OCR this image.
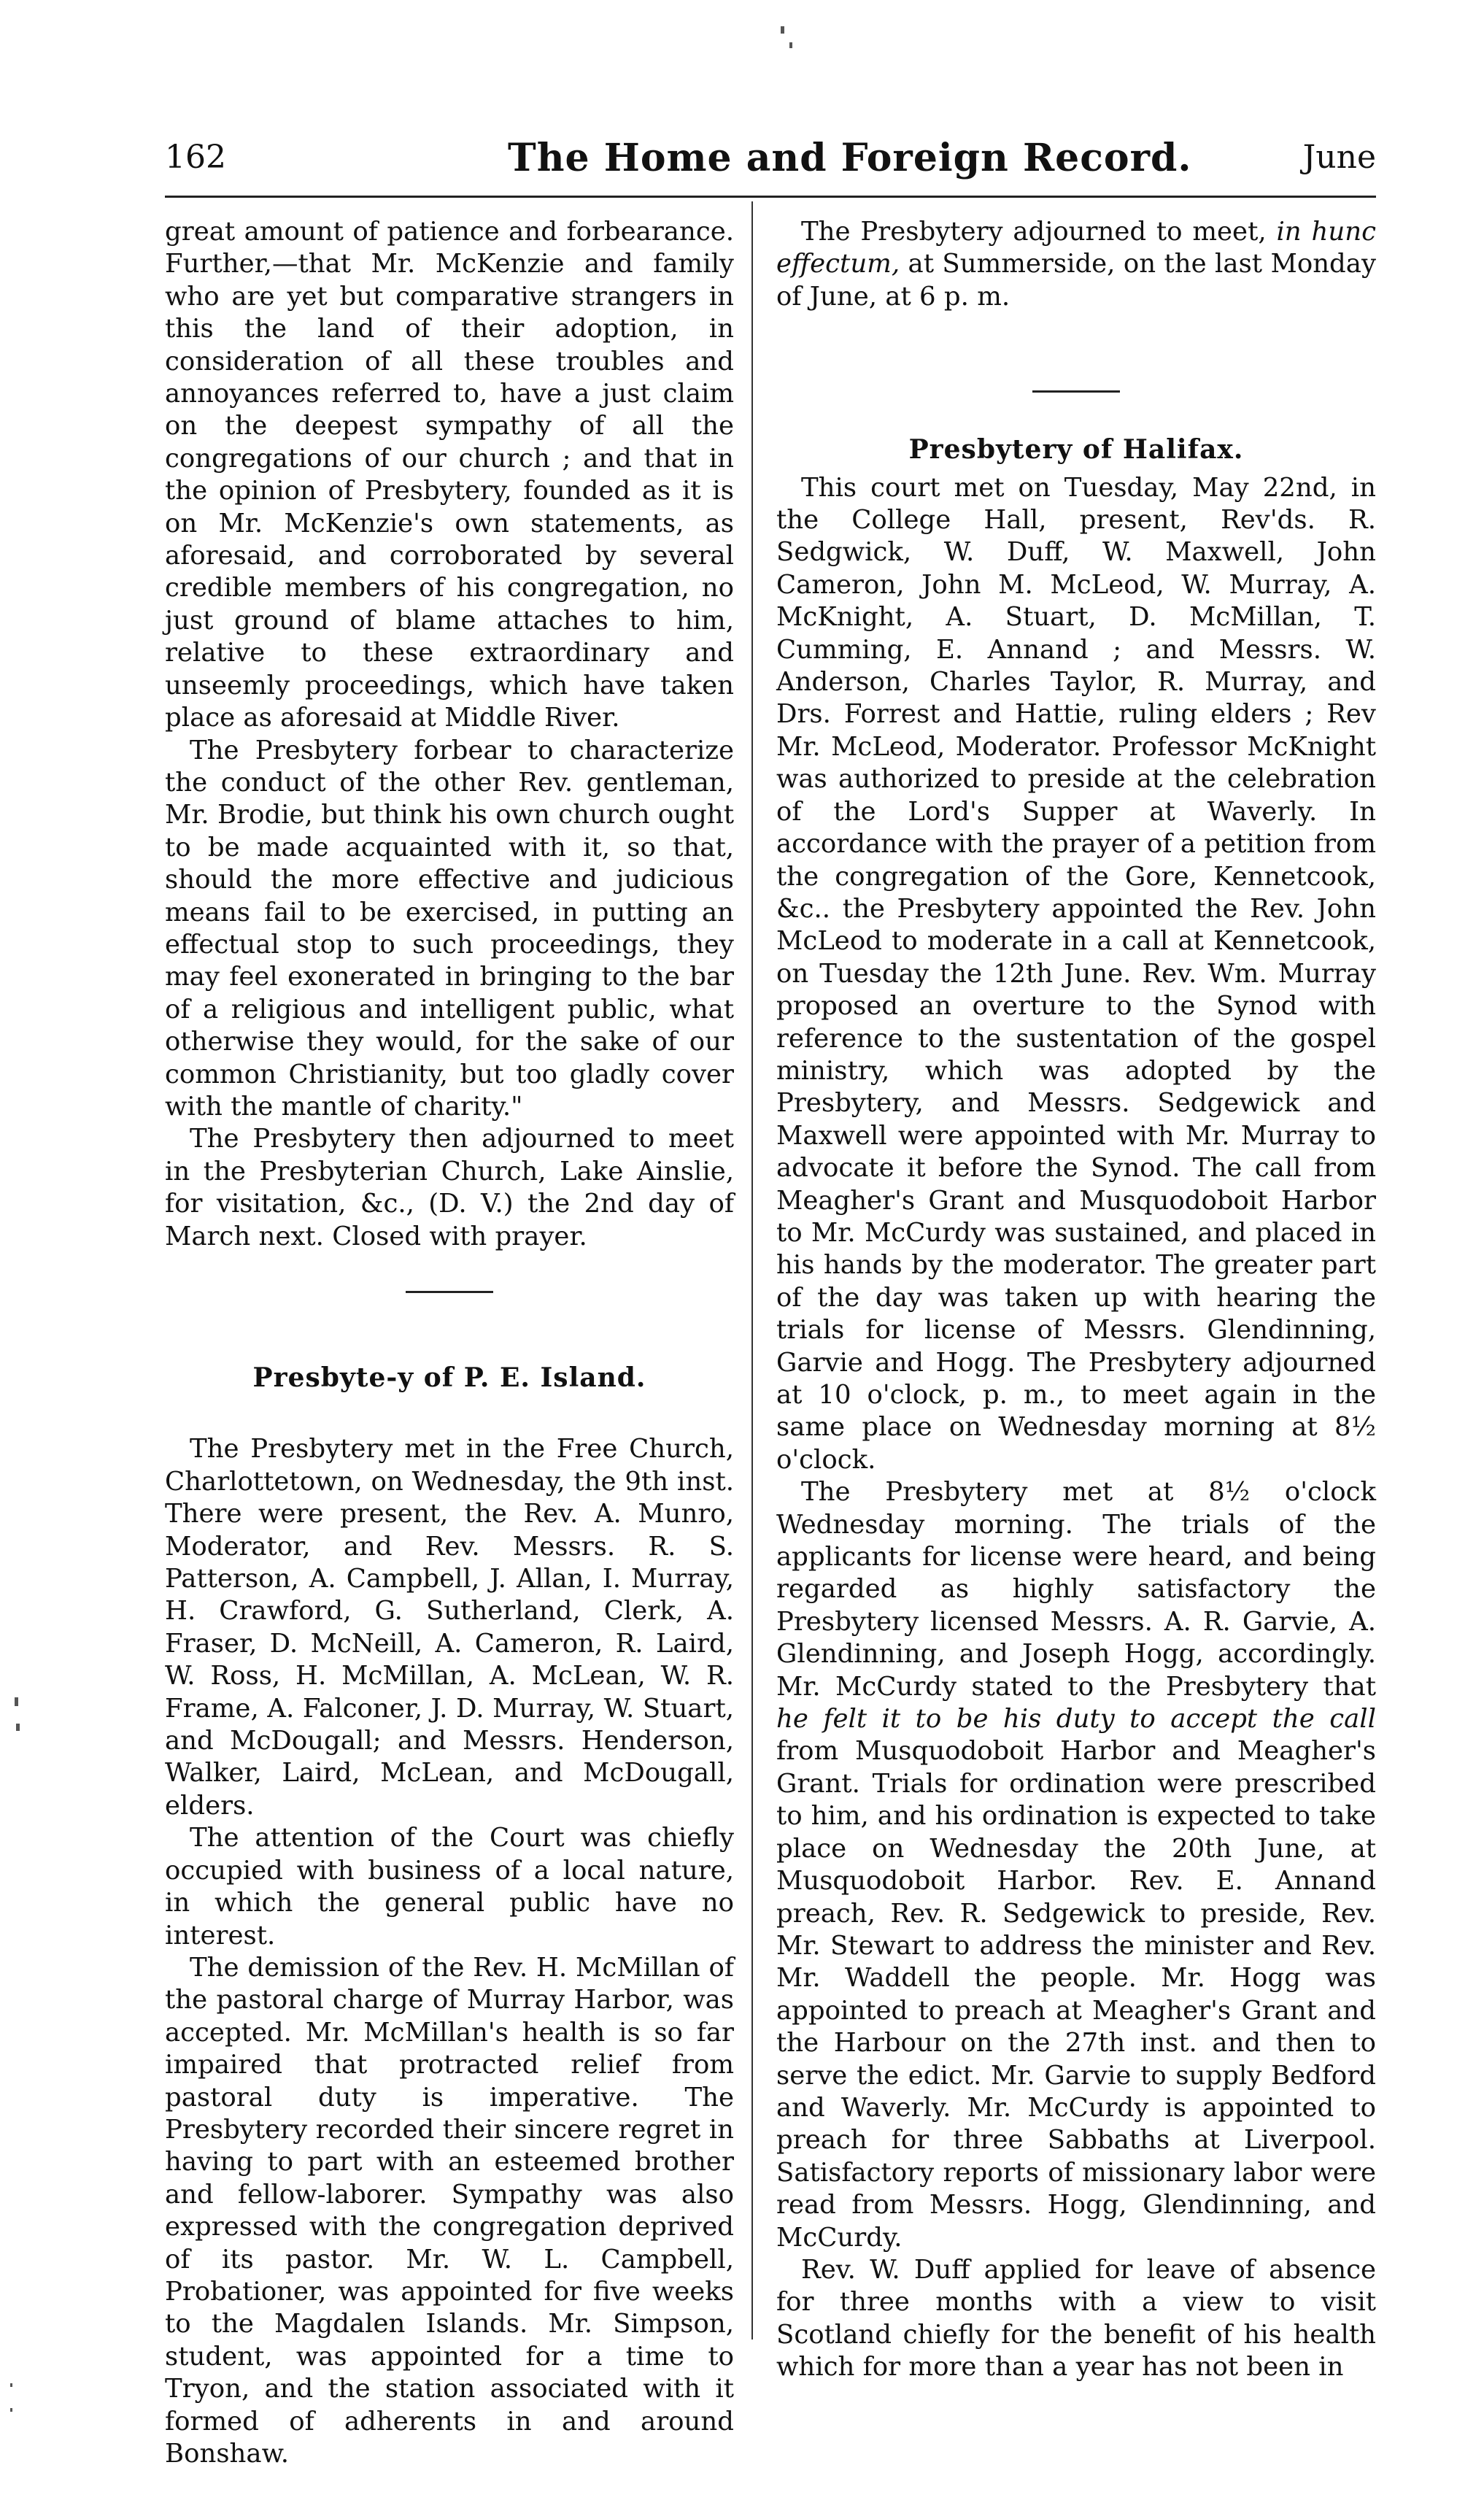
162	The Home and Foreign Record.	June

great amount of patience and forbearance. Further,—that Mr. McKenzie and family who are yet but comparative strangers in this the land of their adoption, in consideration of all these troubles and annoyances referred to, have a just claim on the deepest sympathy of all the congregations of our church ; and that in the opinion of Presbytery, founded as it is on Mr. McKenzie's own statements, as aforesaid, and corroborated by several credible members of his congregation, no just ground of blame attaches to him, relative to these extraordinary and unseemly proceedings, which have taken place as aforesaid at Middle River.

The Presbytery forbear to characterize the conduct of the other Rev. gentleman, Mr. Brodie, but think his own church ought to be made acquainted with it, so that, should the more effective and judicious means fail to be exercised, in putting an effectual stop to such proceedings, they may feel exonerated in bringing to the bar of a religious and intelligent public, what otherwise they would, for the sake of our common Christianity, but too gladly cover with the mantle of charity."

The Presbytery then adjourned to meet in the Presbyterian Church, Lake Ainslie, for visitation, &c., (D. V.) the 2nd day of March next. Closed with prayer.

Presbyte-y of P. E. Island.

The Presbytery met in the Free Church, Charlottetown, on Wednesday, the 9th inst. There were present, the Rev. A. Munro, Moderator, and Rev. Messrs. R. S. Patterson, A. Campbell, J. Allan, I. Murray, H. Crawford, G. Sutherland, Clerk, A. Fraser, D. McNeill, A. Cameron, R. Laird, W. Ross, H. McMillan, A. McLean, W. R. Frame, A. Falconer, J. D. Murray, W. Stuart, and McDougall; and Messrs. Henderson, Walker, Laird, McLean, and McDougall, elders.

The attention of the Court was chiefly occupied with business of a local nature, in which the general public have no interest.

The demission of the Rev. H. McMillan of the pastoral charge of Murray Harbor, was accepted. Mr. McMillan's health is so far impaired that protracted relief from pastoral duty is imperative. The Presbytery recorded their sincere regret in having to part with an esteemed brother and fellow-laborer. Sympathy was also expressed with the congregation deprived of its pastor. Mr. W. L. Campbell, Probationer, was appointed for five weeks to the Magdalen Islands. Mr. Simpson, student, was appointed for a time to Tryon, and the station associated with it formed of adherents in and around Bonshaw.

The Presbytery adjourned to meet, in hunc effectum, at Summerside, on the last Monday of June, at 6 p. m.

Presbytery of Halifax.

This court met on Tuesday, May 22nd, in the College Hall, present, Rev'ds. R. Sedgwick, W. Duff, W. Maxwell, John Cameron, John M. McLeod, W. Murray, A. McKnight, A. Stuart, D. McMillan, T. Cumming, E. Annand ; and Messrs. W. Anderson, Charles Taylor, R. Murray, and Drs. Forrest and Hattie, ruling elders ; Rev Mr. McLeod, Moderator. Professor McKnight was authorized to preside at the celebration of the Lord's Supper at Waverly. In accordance with the prayer of a petition from the congregation of the Gore, Kennetcook, &c.. the Presbytery appointed the Rev. John McLeod to moderate in a call at Kennetcook, on Tuesday the 12th June. Rev. Wm. Murray proposed an overture to the Synod with reference to the sustentation of the gospel ministry, which was adopted by the Presbytery, and Messrs. Sedgewick and Maxwell were appointed with Mr. Murray to advocate it before the Synod. The call from Meagher's Grant and Musquodoboit Harbor to Mr. McCurdy was sustained, and placed in his hands by the moderator. The greater part of the day was taken up with hearing the trials for license of Messrs. Glendinning, Garvie and Hogg. The Presbytery adjourned at 10 o'clock, p. m., to meet again in the same place on Wednesday morning at 8½ o'clock.

The Presbytery met at 8½ o'clock Wednesday morning. The trials of the applicants for license were heard, and being regarded as highly satisfactory the Presbytery licensed Messrs. A. R. Garvie, A. Glendinning, and Joseph Hogg, accordingly. Mr. McCurdy stated to the Presbytery that he felt it to be his duty to accept the call from Musquodoboit Harbor and Meagher's Grant. Trials for ordination were prescribed to him, and his ordination is expected to take place on Wednesday the 20th June, at Musquodoboit Harbor. Rev. E. Annand preach, Rev. R. Sedgewick to preside, Rev. Mr. Stewart to address the minister and Rev. Mr. Waddell the people. Mr. Hogg was appointed to preach at Meagher's Grant and the Harbour on the 27th inst. and then to serve the edict. Mr. Garvie to supply Bedford and Waverly. Mr. McCurdy is appointed to preach for three Sabbaths at Liverpool. Satisfactory reports of missionary labor were read from Messrs. Hogg, Glendinning, and McCurdy.

Rev. W. Duff applied for leave of absence for three months with a view to visit Scotland chiefly for the benefit of his health which for more than a year has not been in
